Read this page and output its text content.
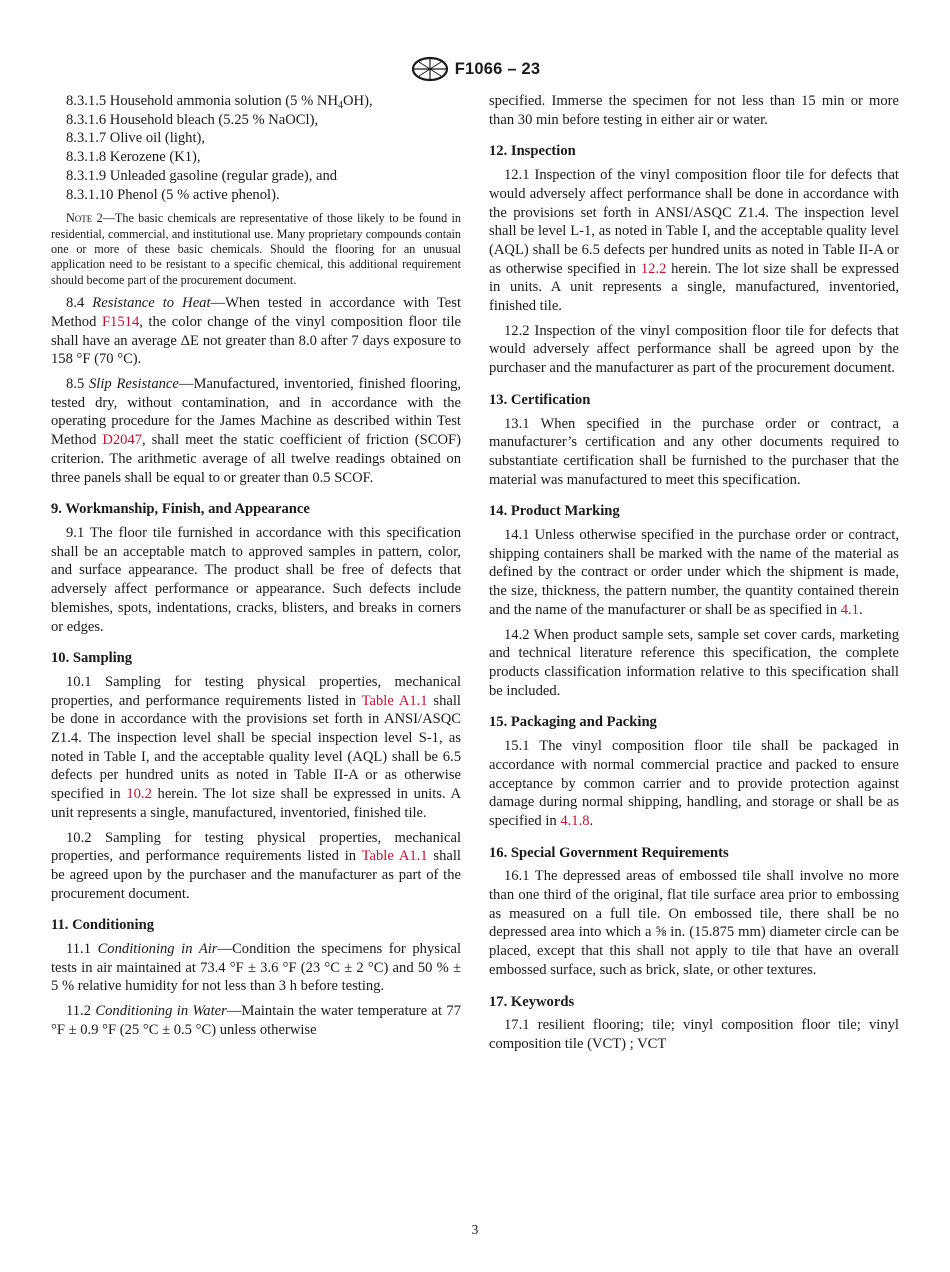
F1066 – 23

8.3.1.5 Household ammonia solution (5 % $NH_4OH$),

8.3.1.6 Household bleach (5.25 % NaOCl),

8.3.1.7 Olive oil (light),

8.3.1.8 Kerozene (K1),

8.3.1.9 Unleaded gasoline (regular grade), and

8.3.1.10 Phenol (5 % active phenol).

Note 2—The basic chemicals are representative of those likely to be found in residential, commercial, and institutional use. Many proprietary compounds contain one or more of these basic chemicals. Should the flooring for an unusual application need to be resistant to a specific chemical, this additional requirement should become part of the procurement document.

8.4 Resistance to Heat—When tested in accordance with Test Method F1514, the color change of the vinyl composition floor tile shall have an average ΔE not greater than 8.0 after 7 days exposure to 158 °F (70 °C).

8.5 Slip Resistance—Manufactured, inventoried, finished flooring, tested dry, without contamination, and in accordance with the operating procedure for the James Machine as described within Test Method D2047, shall meet the static coefficient of friction (SCOF) criterion. The arithmetic average of all twelve readings obtained on three panels shall be equal to or greater than 0.5 SCOF.

9. Workmanship, Finish, and Appearance

9.1 The floor tile furnished in accordance with this specification shall be an acceptable match to approved samples in pattern, color, and surface appearance. The product shall be free of defects that adversely affect performance or appearance. Such defects include blemishes, spots, indentations, cracks, blisters, and breaks in corners or edges.

10. Sampling

10.1 Sampling for testing physical properties, mechanical properties, and performance requirements listed in Table A1.1 shall be done in accordance with the provisions set forth in ANSI/ASQC Z1.4. The inspection level shall be special inspection level S-1, as noted in Table I, and the acceptable quality level (AQL) shall be 6.5 defects per hundred units as noted in Table II-A or as otherwise specified in 10.2 herein. The lot size shall be expressed in units. A unit represents a single, manufactured, inventoried, finished tile.

10.2 Sampling for testing physical properties, mechanical properties, and performance requirements listed in Table A1.1 shall be agreed upon by the purchaser and the manufacturer as part of the procurement document.

11. Conditioning

11.1 Conditioning in Air—Condition the specimens for physical tests in air maintained at 73.4 °F ± 3.6 °F (23 °C ± 2 °C) and 50 % ± 5 % relative humidity for not less than 3 h before testing.

11.2 Conditioning in Water—Maintain the water temperature at 77 °F ± 0.9 °F (25 °C ± 0.5 °C) unless otherwise

specified. Immerse the specimen for not less than 15 min or more than 30 min before testing in either air or water.

12. Inspection

12.1 Inspection of the vinyl composition floor tile for defects that would adversely affect performance shall be done in accordance with the provisions set forth in ANSI/ASQC Z1.4. The inspection level shall be level L-1, as noted in Table I, and the acceptable quality level (AQL) shall be 6.5 defects per hundred units as noted in Table II-A or as otherwise specified in 12.2 herein. The lot size shall be expressed in units. A unit represents a single, manufactured, inventoried, finished tile.

12.2 Inspection of the vinyl composition floor tile for defects that would adversely affect performance shall be agreed upon by the purchaser and the manufacturer as part of the procurement document.

13. Certification

13.1 When specified in the purchase order or contract, a manufacturer’s certification and any other documents required to substantiate certification shall be furnished to the purchaser that the material was manufactured to meet this specification.

14. Product Marking

14.1 Unless otherwise specified in the purchase order or contract, shipping containers shall be marked with the name of the material as defined by the contract or order under which the shipment is made, the size, thickness, the pattern number, the quantity contained therein and the name of the manufacturer or shall be as specified in 4.1.

14.2 When product sample sets, sample set cover cards, marketing and technical literature reference this specification, the complete products classification information relative to this specification shall be included.

15. Packaging and Packing

15.1 The vinyl composition floor tile shall be packaged in accordance with normal commercial practice and packed to ensure acceptance by common carrier and to provide protection against damage during normal shipping, handling, and storage or shall be as specified in 4.1.8.

16. Special Government Requirements

16.1 The depressed areas of embossed tile shall involve no more than one third of the original, flat tile surface area prior to embossing as measured on a full tile. On embossed tile, there shall be no depressed area into which a ⅝ in. (15.875 mm) diameter circle can be placed, except that this shall not apply to tile that have an overall embossed surface, such as brick, slate, or other textures.

17. Keywords

17.1 resilient flooring; tile; vinyl composition floor tile; vinyl composition tile (VCT) ; VCT

3
